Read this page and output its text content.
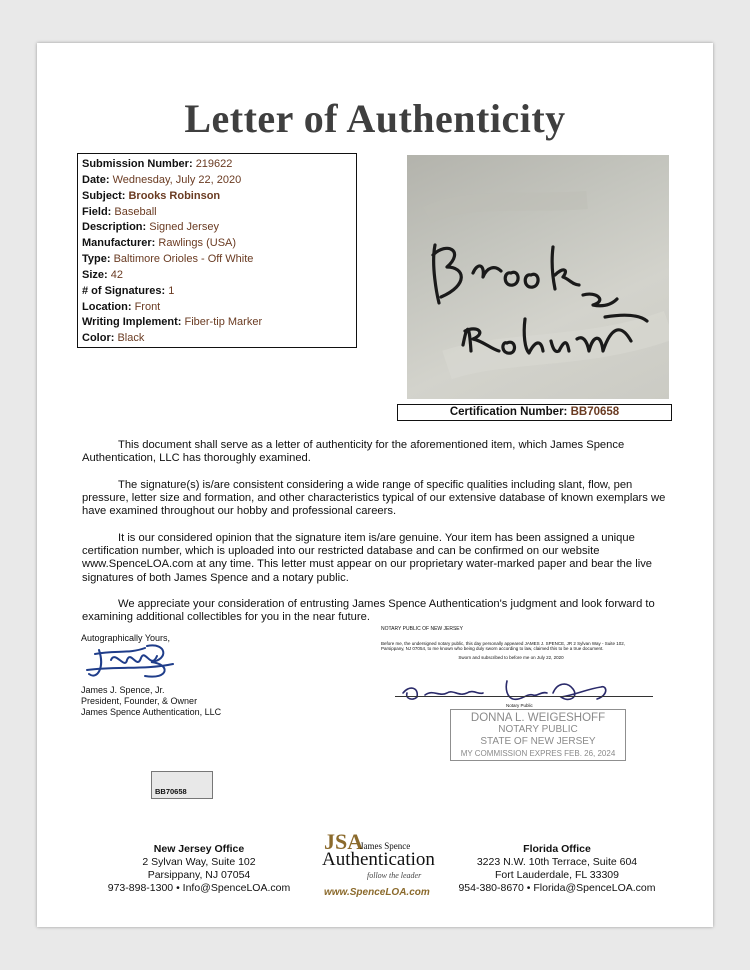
Letter of Authenticity
Submission Number: 219622
Date: Wednesday, July 22, 2020
Subject: Brooks Robinson
Field: Baseball
Description: Signed Jersey
Manufacturer: Rawlings (USA)
Type: Baltimore Orioles - Off White
Size: 42
# of Signatures: 1
Location: Front
Writing Implement: Fiber-tip Marker
Color: Black
Certification Number: BB70658

This document shall serve as a letter of authenticity for the aforementioned item, which James Spence Authentication, LLC has thoroughly examined.

The signature(s) is/are consistent considering a wide range of specific qualities including slant, flow, pen pressure, letter size and formation, and other characteristics typical of our extensive database of known exemplars we have examined throughout our hobby and professional careers.

It is our considered opinion that the signature item is/are genuine. Your item has been assigned a unique certification number, which is uploaded into our restricted database and can be confirmed on our website www.SpenceLOA.com at any time. This letter must appear on our proprietary water-marked paper and bear the live signatures of both James Spence and a notary public.

We appreciate your consideration of entrusting James Spence Authentication's judgment and look forward to examining additional collectibles for you in the near future.

Autographically Yours,
James J. Spence, Jr.
President, Founder, & Owner
James Spence Authentication, LLC
NOTARY PUBLIC OF NEW JERSEY
Before me, the undersigned notary public, this day personally appeared JAMES J. SPENCE, JR 2 Sylvan Way - Suite 102, Parsippany, NJ 07054, to me known who being duly sworn according to law, claimed this to be a true document.
Sworn and subscribed to before me on July 22, 2020
Notary Public
DONNA L. WEIGESHOFF
NOTARY PUBLIC
STATE OF NEW JERSEY
MY COMMISSION EXPRES FEB. 26, 2024
BB70658
New Jersey Office
2 Sylvan Way, Suite 102
Parsippany, NJ 07054
973-898-1300 • Info@SpenceLOA.com
JSA
James Spence
Authentication
follow the leader
www.SpenceLOA.com
Florida Office
3223 N.W. 10th Terrace, Suite 604
Fort Lauderdale, FL 33309
954-380-8670 • Florida@SpenceLOA.com
